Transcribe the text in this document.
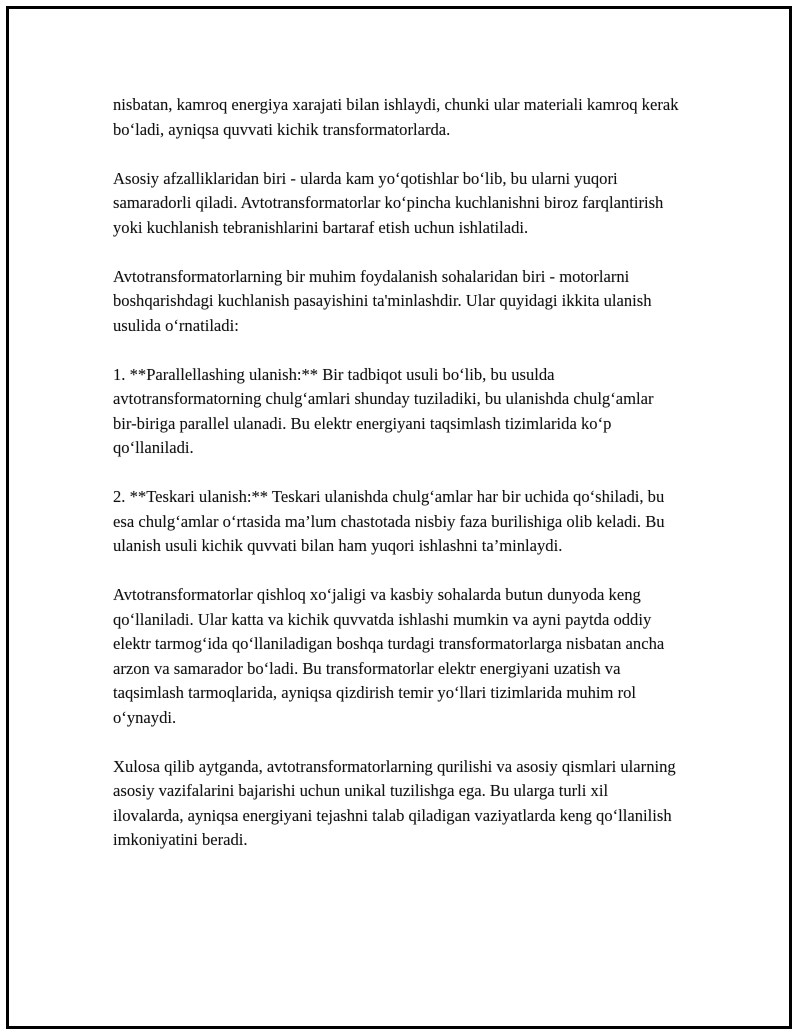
nisbatan, kamroq energiya xarajati bilan ishlaydi, chunki ular materiali kamroq kerak bo‘ladi, ayniqsa quvvati kichik transformatorlarda.

Asosiy afzalliklaridan biri - ularda kam yo‘qotishlar bo‘lib, bu ularni yuqori samaradorli qiladi. Avtotransformatorlar ko‘pincha kuchlanishni biroz farqlantirish yoki kuchlanish tebranishlarini bartaraf etish uchun ishlatiladi.

Avtotransformatorlarning bir muhim foydalanish sohalaridan biri - motorlarni boshqarishdagi kuchlanish pasayishini ta'minlashdir. Ular quyidagi ikkita ulanish usulida o‘rnatiladi:

1. **Parallellashing ulanish:** Bir tadbiqot usuli bo‘lib, bu usulda avtotransformatorning chulg‘amlari shunday tuziladiki, bu ulanishda chulg‘amlar bir-biriga parallel ulanadi. Bu elektr energiyani taqsimlash tizimlarida ko‘p qo‘llaniladi.

2. **Teskari ulanish:** Teskari ulanishda chulg‘amlar har bir uchida qo‘shiladi, bu esa chulg‘amlar o‘rtasida ma’lum chastotada nisbiy faza burilishiga olib keladi. Bu ulanish usuli kichik quvvati bilan ham yuqori ishlashni ta’minlaydi.

Avtotransformatorlar qishloq xo‘jaligi va kasbiy sohalarda butun dunyoda keng qo‘llaniladi. Ular katta va kichik quvvatda ishlashi mumkin va ayni paytda oddiy elektr tarmog‘ida qo‘llaniladigan boshqa turdagi transformatorlarga nisbatan ancha arzon va samarador bo‘ladi. Bu transformatorlar elektr energiyani uzatish va taqsimlash tarmoqlarida, ayniqsa qizdirish temir yo‘llari tizimlarida muhim rol o‘ynaydi.

Xulosa qilib aytganda, avtotransformatorlarning qurilishi va asosiy qismlari ularning asosiy vazifalarini bajarishi uchun unikal tuzilishga ega. Bu ularga turli xil ilovalarda, ayniqsa energiyani tejashni talab qiladigan vaziyatlarda keng qo‘llanilish imkoniyatini beradi.
